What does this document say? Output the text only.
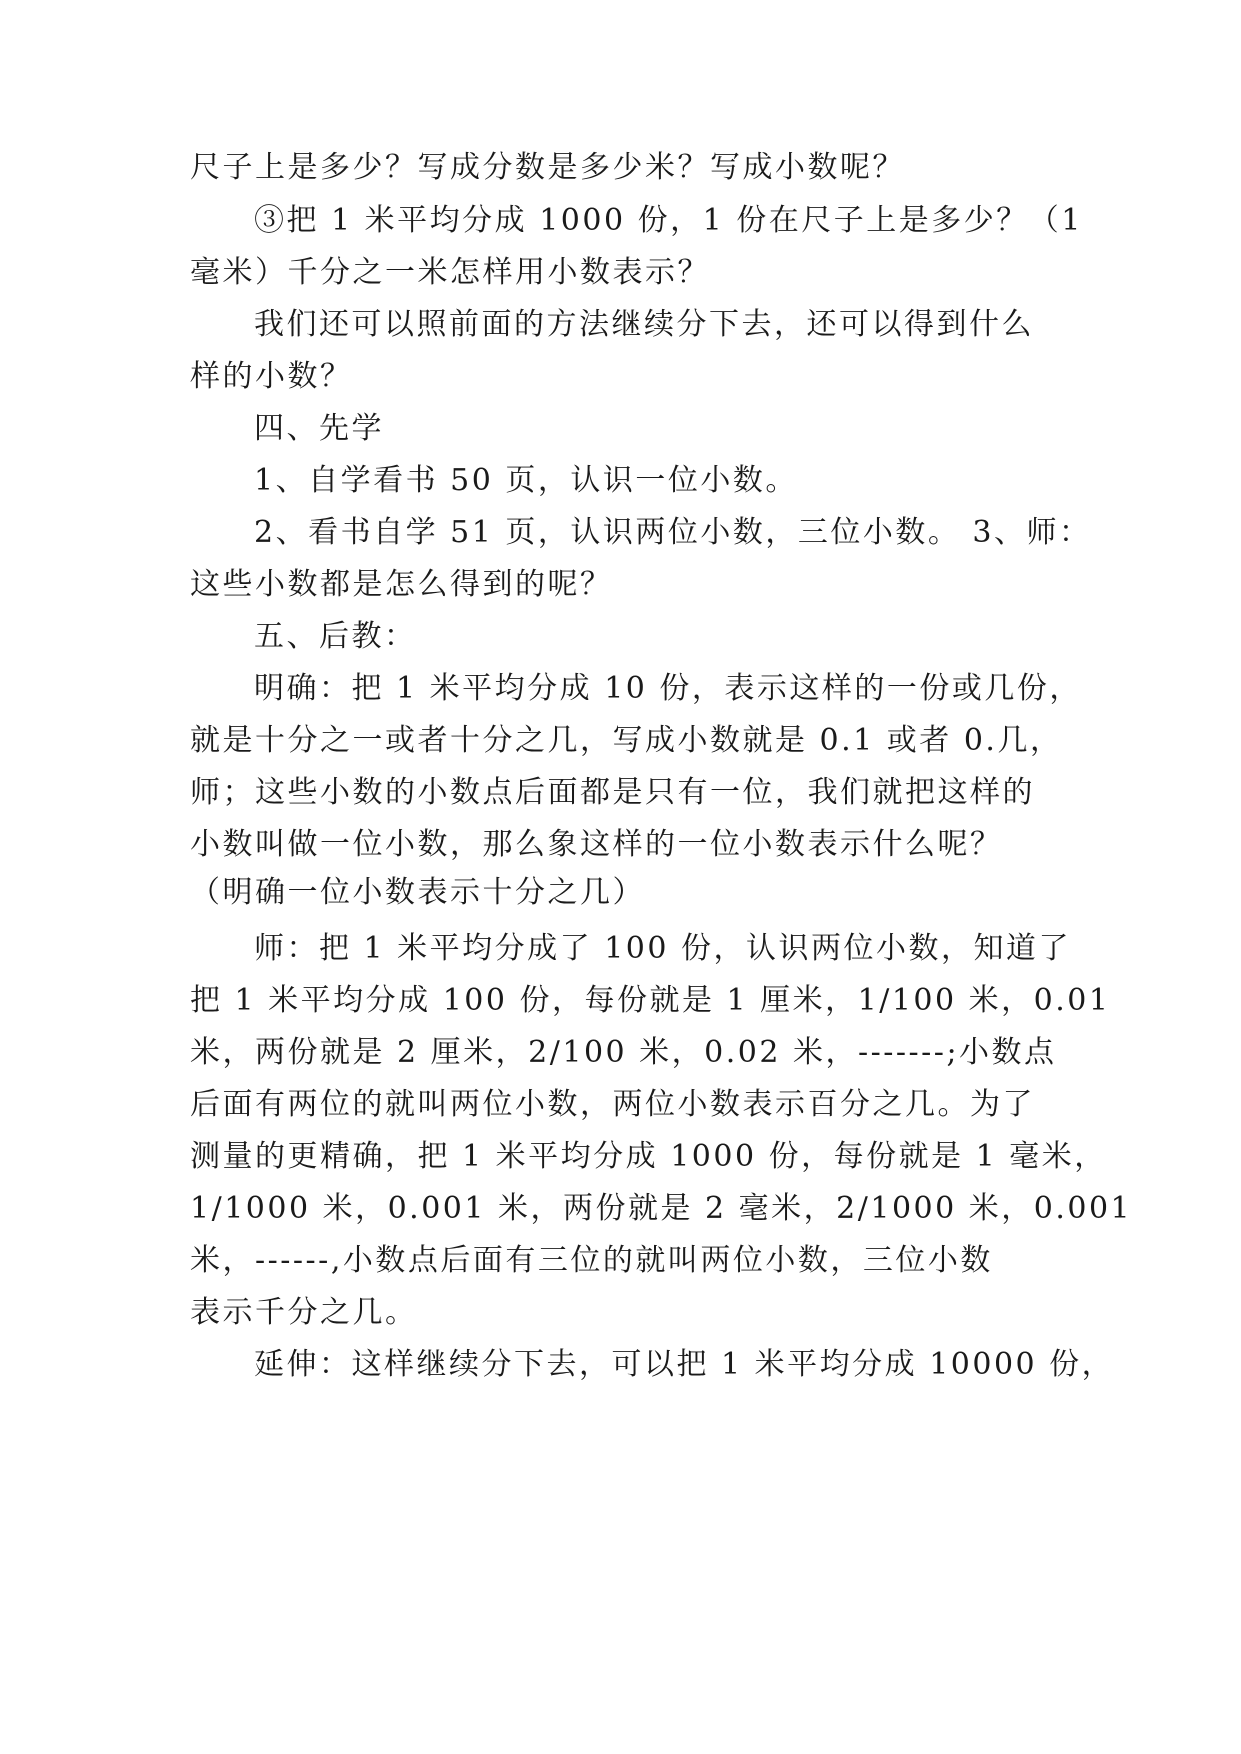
尺子上是多少？写成分数是多少米？写成小数呢？
③把 1 米平均分成 1000 份，1 份在尺子上是多少？（1
毫米）千分之一米怎样用小数表示？
我们还可以照前面的方法继续分下去，还可以得到什么
样的小数？
四、先学
1、自学看书 50 页，认识一位小数。
2、看书自学 51 页，认识两位小数，三位小数。 3、师：
这些小数都是怎么得到的呢？
五、后教：
明确：把 1 米平均分成 10 份，表示这样的一份或几份，
就是十分之一或者十分之几，写成小数就是 0.1 或者 0.几，
师；这些小数的小数点后面都是只有一位，我们就把这样的
小数叫做一位小数，那么象这样的一位小数表示什么呢？
（明确一位小数表示十分之几）
师：把 1 米平均分成了 100 份，认识两位小数，知道了
把 1 米平均分成 100 份，每份就是 1 厘米，1/100 米，0.01
米，两份就是 2 厘米，2/100 米，0.02 米，-------;小数点
后面有两位的就叫两位小数，两位小数表示百分之几。为了
测量的更精确，把 1 米平均分成 1000 份，每份就是 1 毫米，
1/1000 米，0.001 米，两份就是 2 毫米，2/1000 米，0.001
米，------,小数点后面有三位的就叫两位小数，三位小数
表示千分之几。
延伸：这样继续分下去，可以把 1 米平均分成 10000 份，
